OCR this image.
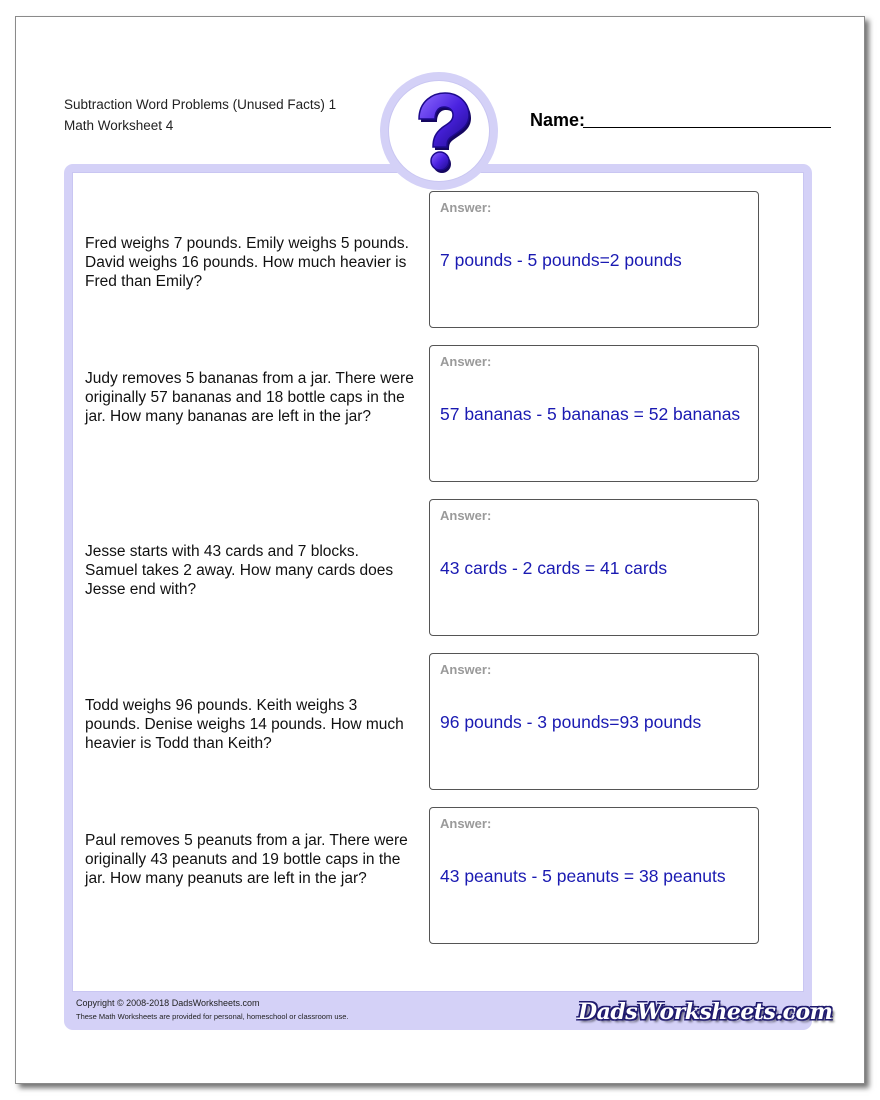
Subtraction Word Problems (Unused Facts) 1
Math Worksheet 4	Name:
Fred weighs 7 pounds. Emily weighs 5 pounds. David weighs 16 pounds. How much heavier is Fred than Emily?
Answer:
7 pounds - 5 pounds=2 pounds
Judy removes 5 bananas from a jar. There were originally 57 bananas and 18 bottle caps in the jar. How many bananas are left in the jar?
Answer:
57 bananas - 5 bananas = 52 bananas
Jesse starts with 43 cards and 7 blocks. Samuel takes 2 away. How many cards does Jesse end with?
Answer:
43 cards - 2 cards = 41 cards
Todd weighs 96 pounds. Keith weighs 3 pounds. Denise weighs 14 pounds. How much heavier is Todd than Keith?
Answer:
96 pounds - 3 pounds=93 pounds
Paul removes 5 peanuts from a jar. There were originally 43 peanuts and 19 bottle caps in the jar. How many peanuts are left in the jar?
Answer:
43 peanuts - 5 peanuts = 38 peanuts
Copyright © 2008-2018 DadsWorksheets.com
These Math Worksheets are provided for personal, homeschool or classroom use.	DadsWorksheets.com
